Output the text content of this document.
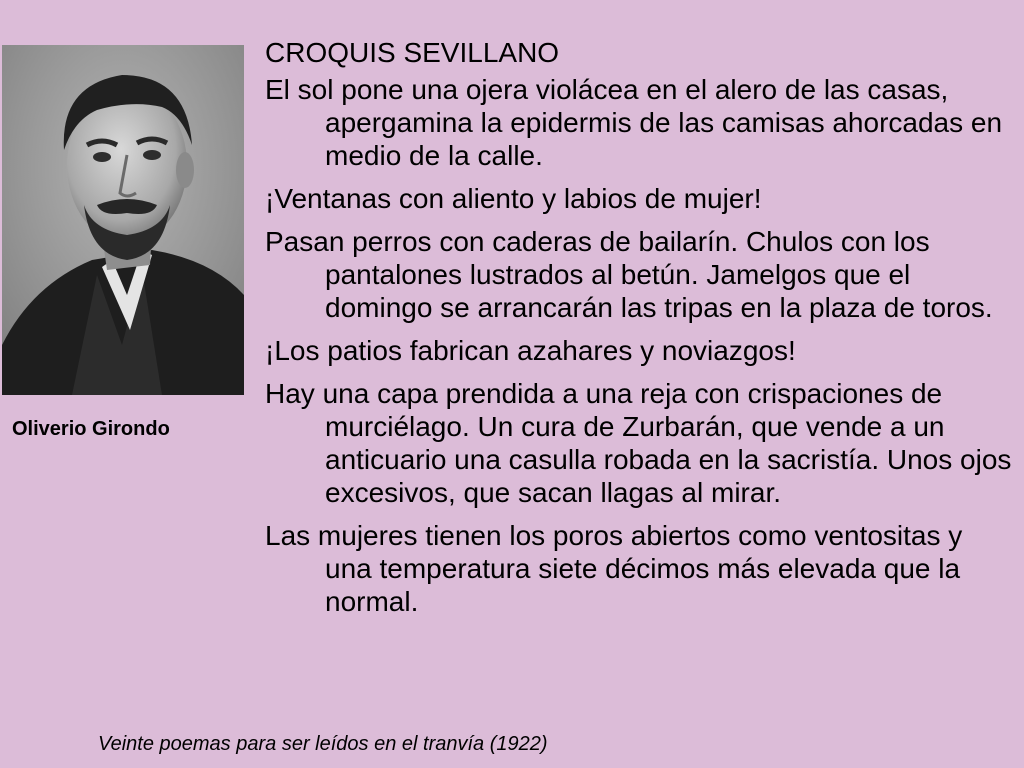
Oliverio Girondo

CROQUIS SEVILLANO

El sol pone una ojera violácea en el alero de las casas, apergamina la epidermis de las camisas ahorcadas en medio de la calle.

¡Ventanas con aliento y labios de mujer!

Pasan perros con caderas de bailarín. Chulos con los pantalones lustrados al betún. Jamelgos que el domingo se arrancarán las tripas en la plaza de toros.

¡Los patios fabrican azahares y noviazgos!

Hay una capa prendida a una reja con crispaciones de murciélago. Un cura de Zurbarán, que vende a un anticuario una casulla robada en la sacristía. Unos ojos excesivos, que sacan llagas al mirar.

Las mujeres tienen los poros abiertos como ventositas y una temperatura siete décimos más elevada que la normal.

Veinte poemas para ser leídos en el tranvía (1922)
